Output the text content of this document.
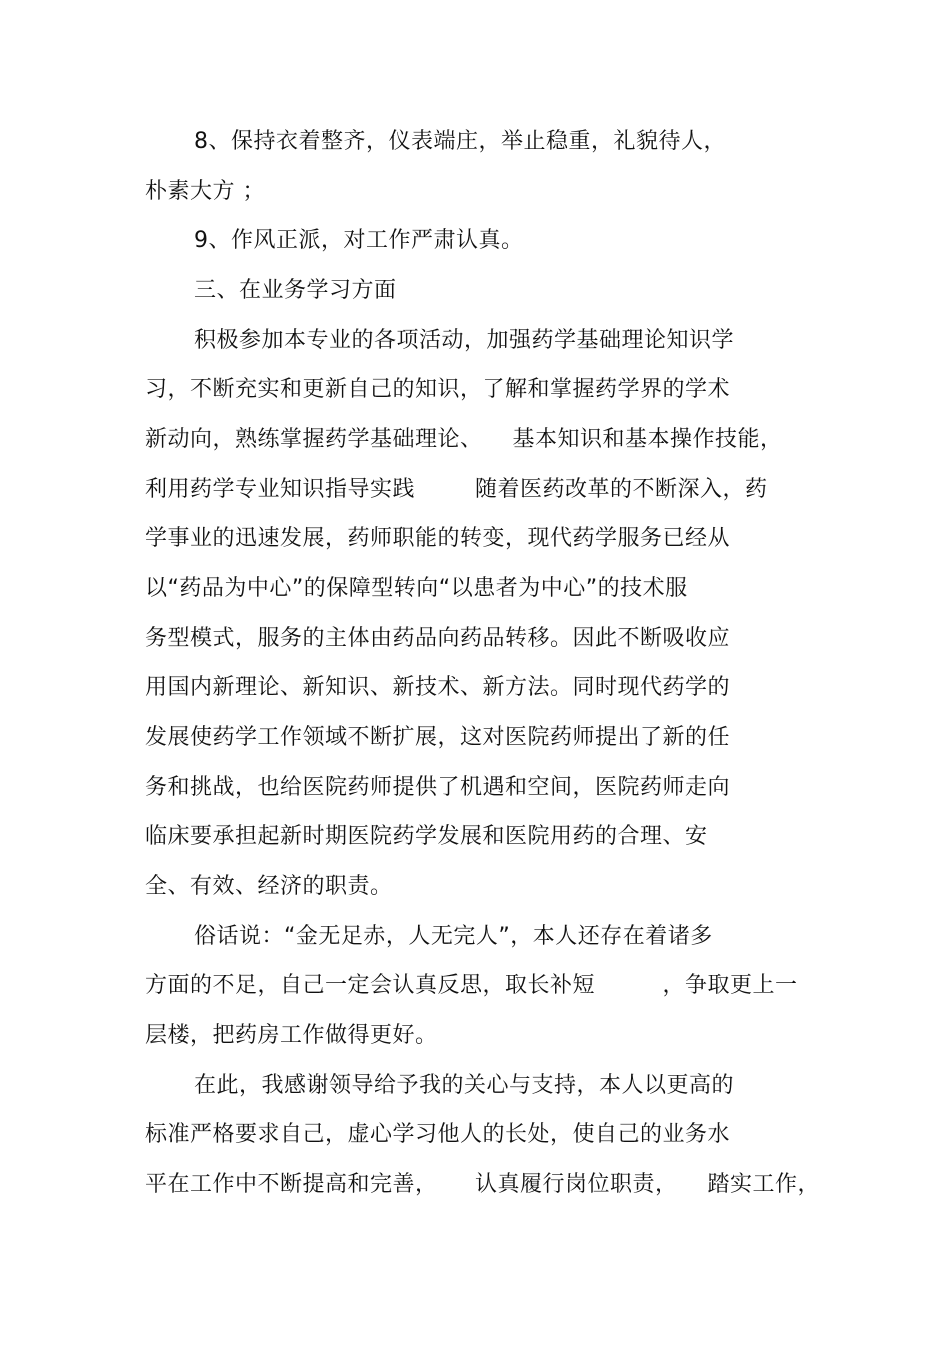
8、保持衣着整齐，仪表端庄，举止稳重，礼貌待人，
朴素大方 ；
9、作风正派，对工作严肃认真。
三、在业务学习方面
积极参加本专业的各项活动，加强药学基础理论知识学
习，不断充实和更新自己的知识，了解和掌握药学界的学术
新动向，熟练掌握药学基础理论、    基本知识和基本操作技能，
利用药学专业知识指导实践        随着医药改革的不断深入，药
学事业的迅速发展，药师职能的转变，现代药学服务已经从
以“药品为中心”的保障型转向“以患者为中心”的技术服
务型模式，服务的主体由药品向药品转移。因此不断吸收应
用国内新理论、新知识、新技术、新方法。同时现代药学的
发展使药学工作领域不断扩展，这对医院药师提出了新的任
务和挑战，也给医院药师提供了机遇和空间，医院药师走向
临床要承担起新时期医院药学发展和医院用药的合理、安
全、有效、经济的职责。
俗话说：“金无足赤，人无完人”，本人还存在着诸多
方面的不足，自己一定会认真反思，取长补短         ，争取更上一
层楼，把药房工作做得更好。
在此，我感谢领导给予我的关心与支持，本人以更高的
标准严格要求自己，虚心学习他人的长处，使自己的业务水
平在工作中不断提高和完善，     认真履行岗位职责，    踏实工作，
